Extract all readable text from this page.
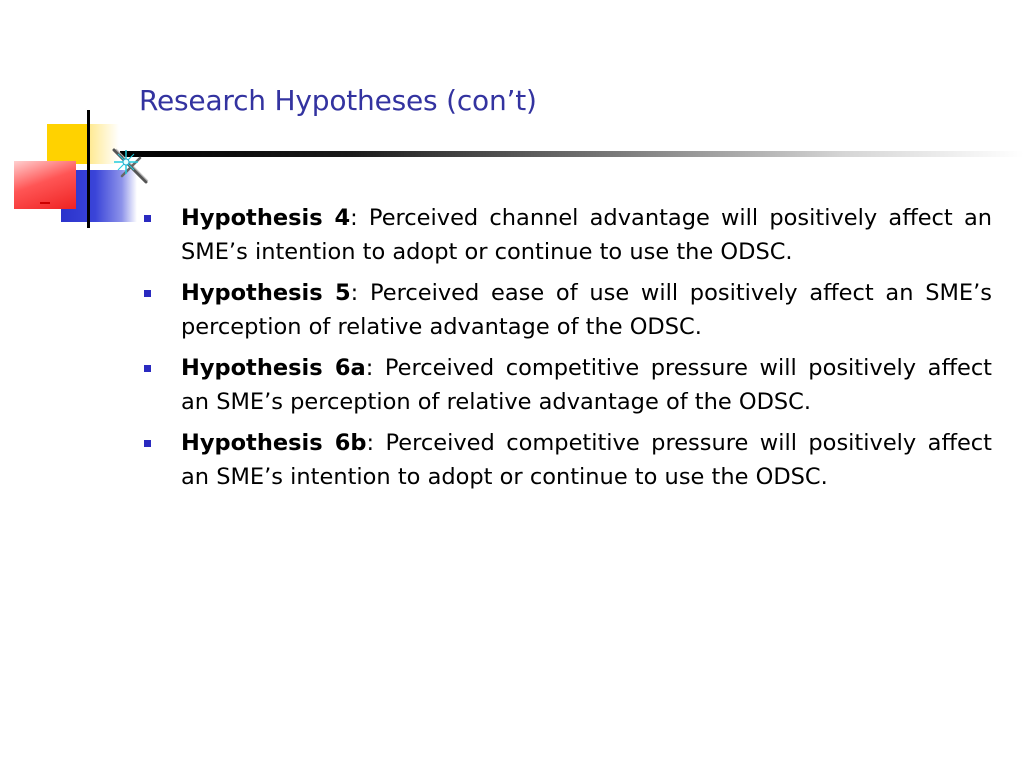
Research Hypotheses (con’t)
Hypothesis 4: Perceived channel advantage will positively affect an SME’s intention to adopt or continue to use the ODSC.
Hypothesis 5: Perceived ease of use will positively affect an SME’s perception of relative advantage of the ODSC.
Hypothesis 6a: Perceived competitive pressure will positively affect an SME’s perception of relative advantage of the ODSC.
Hypothesis 6b: Perceived competitive pressure will positively affect an SME’s intention to adopt or continue to use the ODSC.
